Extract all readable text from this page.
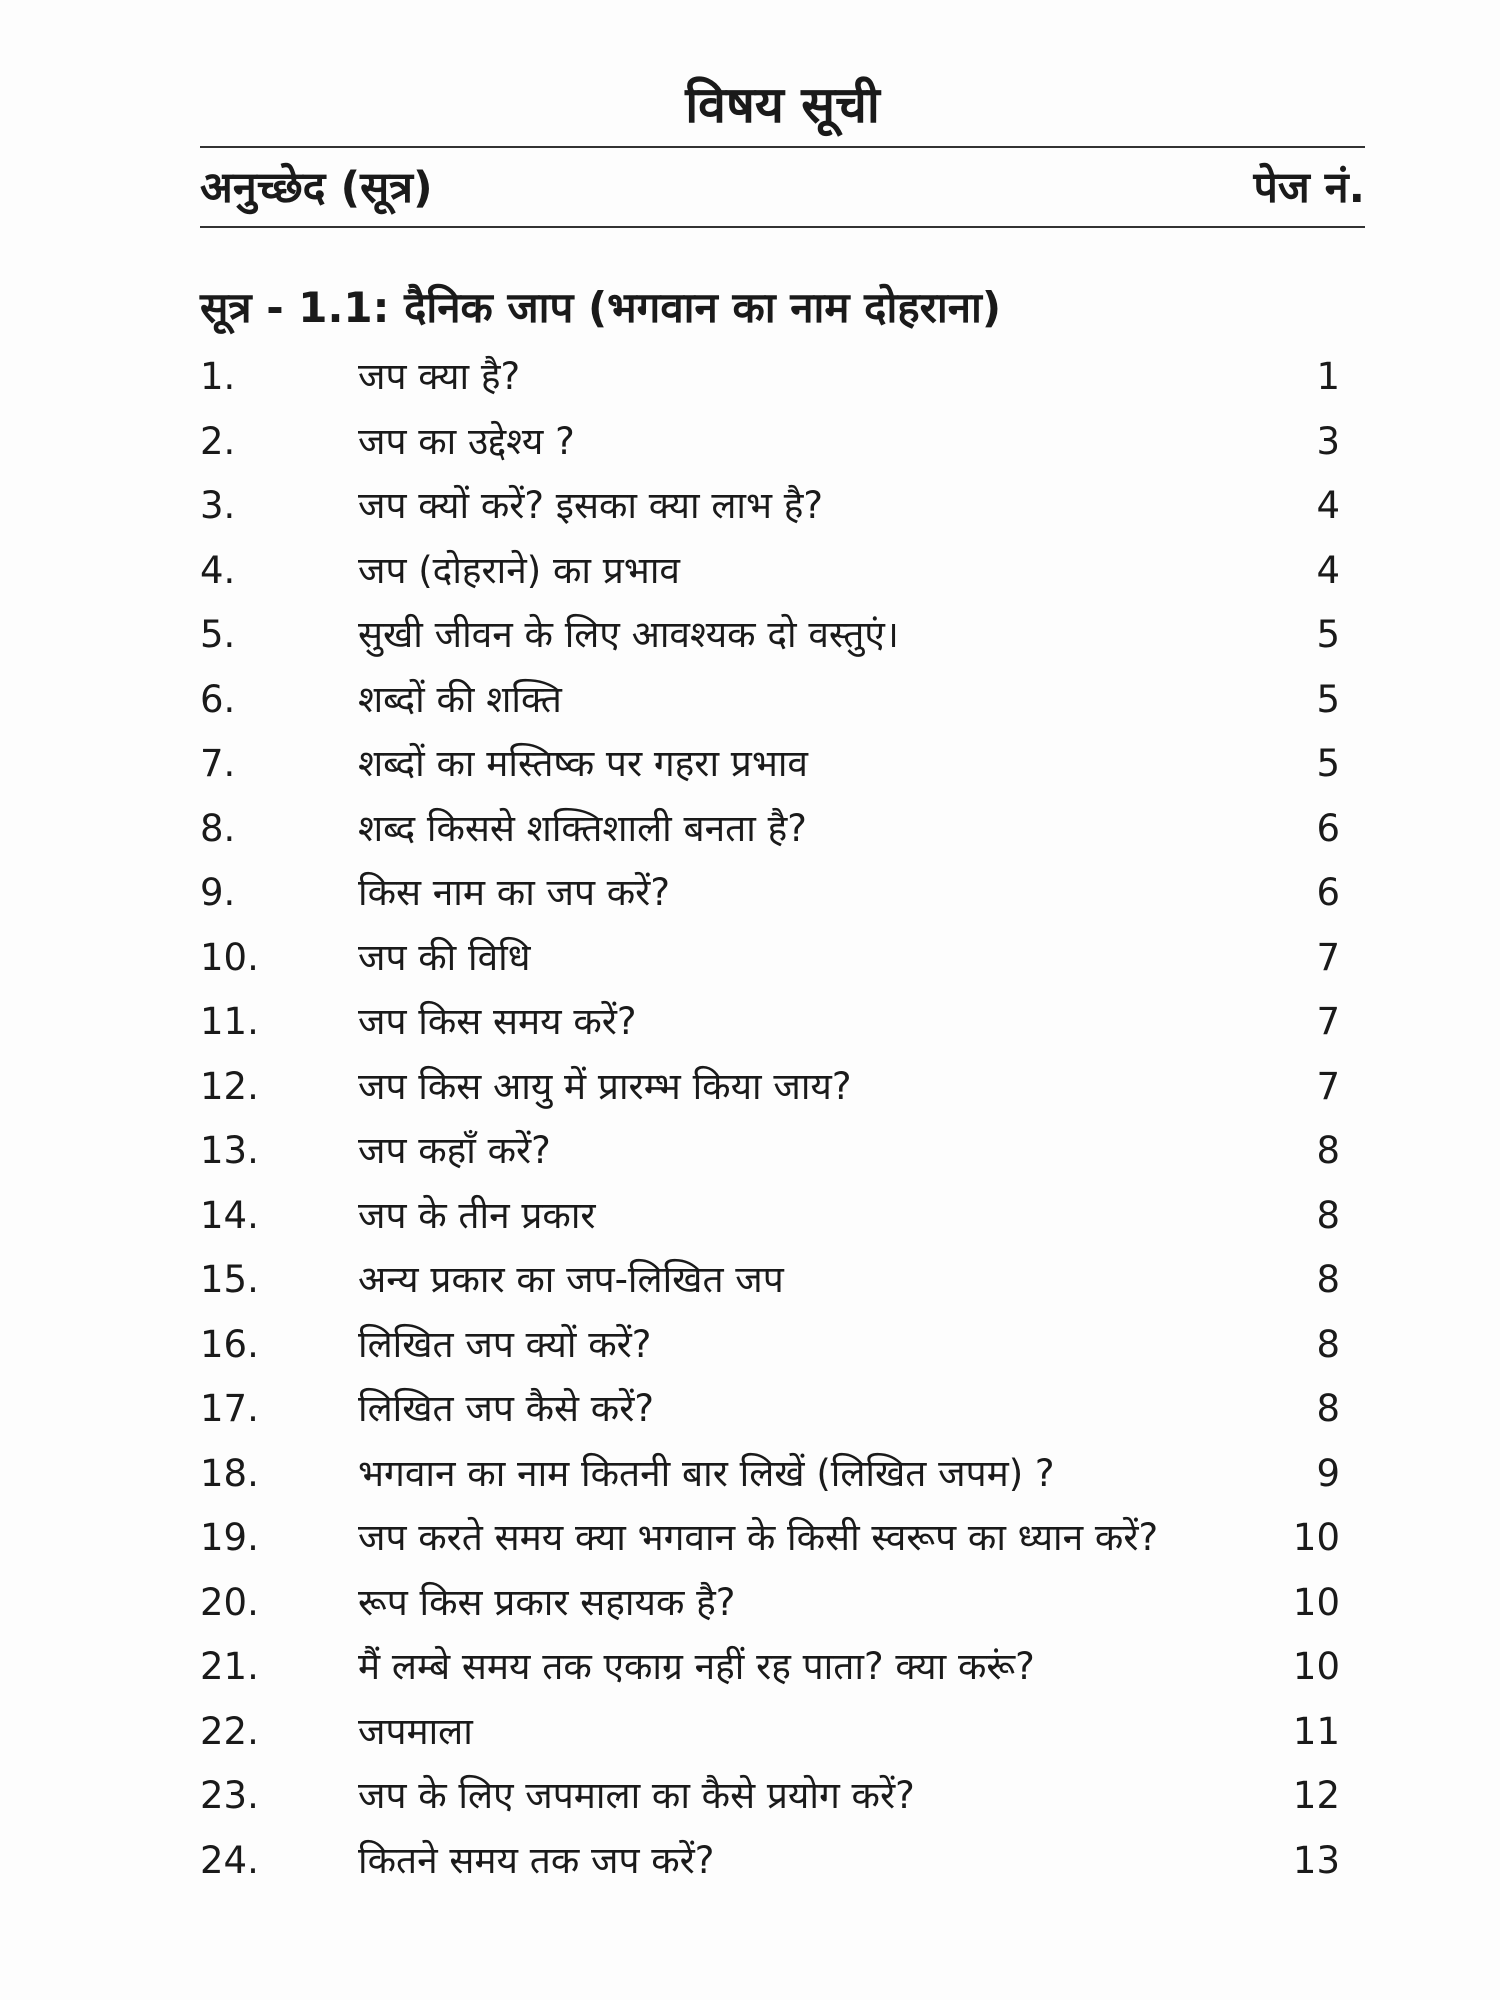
विषय सूची
अनुच्छेद (सूत्र)	पेज नं.
सूत्र - 1.1: दैनिक जाप (भगवान का नाम दोहराना)
1.	जप क्या है?	1
2.	जप का उद्देश्य ?	3
3.	जप क्यों करें? इसका क्या लाभ है?	4
4.	जप (दोहराने) का प्रभाव	4
5.	सुखी जीवन के लिए आवश्यक दो वस्तुएं।	5
6.	शब्दों की शक्ति	5
7.	शब्दों का मस्तिष्क पर गहरा प्रभाव	5
8.	शब्द किससे शक्तिशाली बनता है?	6
9.	किस नाम का जप करें?	6
10.	जप की विधि	7
11.	जप किस समय करें?	7
12.	जप किस आयु में प्रारम्भ किया जाय?	7
13.	जप कहाँ करें?	8
14.	जप के तीन प्रकार	8
15.	अन्य प्रकार का जप-लिखित जप	8
16.	लिखित जप क्यों करें?	8
17.	लिखित जप कैसे करें?	8
18.	भगवान का नाम कितनी बार लिखें (लिखित जपम) ?	9
19.	जप करते समय क्या भगवान के किसी स्वरूप का ध्यान करें?	10
20.	रूप किस प्रकार सहायक है?	10
21.	मैं लम्बे समय तक एकाग्र नहीं रह पाता? क्या करूं?	10
22.	जपमाला	11
23.	जप के लिए जपमाला का कैसे प्रयोग करें?	12
24.	कितने समय तक जप करें?	13
